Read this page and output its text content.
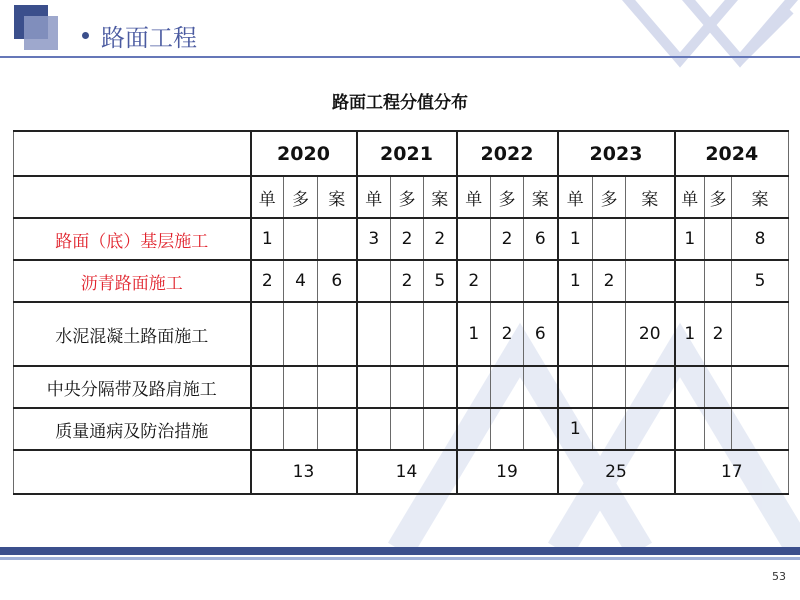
路面工程
路面工程分值分布
	2020			2021			2022			2023			2024		
	单	多	案	单	多	案	单	多	案	单	多	案	单	多	案
路面（底）基层施工	1			3	2	2		2	6	1			1		8
沥青路面施工	2	4	6		2	5	2			1	2				5
水泥混凝土路面施工							1	2	6			20	1	2	
中央分隔带及路肩施工															
质量通病及防治措施										1					
	13			14			19			25			17		
53
